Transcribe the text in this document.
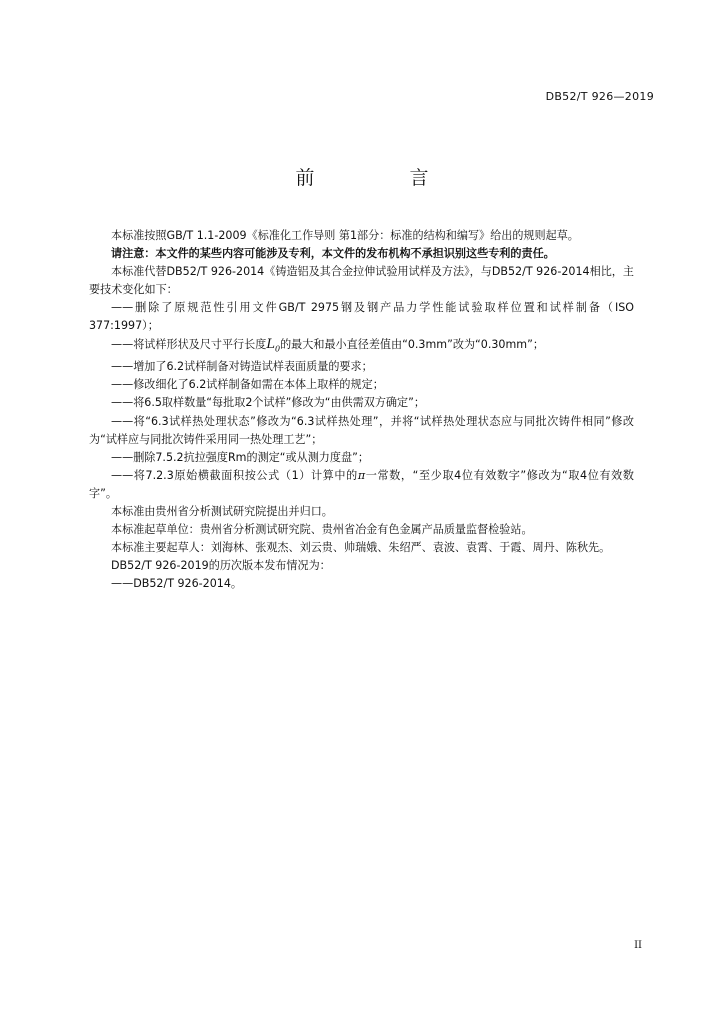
DB52/T 926—2019
前　言

本标准按照GB/T 1.1-2009《标准化工作导则 第1部分：标准的结构和编写》给出的规则起草。

请注意：本文件的某些内容可能涉及专利，本文件的发布机构不承担识别这些专利的责任。

本标准代替DB52/T 926-2014《铸造铝及其合金拉伸试验用试样及方法》，与DB52/T 926-2014相比，主要技术变化如下：

——删除了原规范性引用文件GB/T 2975钢及钢产品力学性能试验取样位置和试样制备（ISO 377:1997）；

——将试样形状及尺寸平行长度$L_0$的最大和最小直径差值由“0.3mm”改为“0.30mm”；

——增加了6.2试样制备对铸造试样表面质量的要求；

——修改细化了6.2试样制备如需在本体上取样的规定；

——将6.5取样数量“每批取2个试样”修改为“由供需双方确定”；

——将“6.3试样热处理状态”修改为“6.3试样热处理”，并将“试样热处理状态应与同批次铸件相同”修改为“试样应与同批次铸件采用同一热处理工艺”；

——删除7.5.2抗拉强度Rm的测定“或从测力度盘”；

——将7.2.3原始横截面积按公式（1）计算中的π一常数，“至少取4位有效数字”修改为“取4位有效数字”。

本标准由贵州省分析测试研究院提出并归口。

本标准起草单位：贵州省分析测试研究院、贵州省冶金有色金属产品质量监督检验站。

本标准主要起草人：刘海林、张观杰、刘云贵、帅瑞娥、朱绍严、袁波、袁霄、于霞、周丹、陈秋先。

DB52/T 926-2019的历次版本发布情况为：

——DB52/T 926-2014。

II
